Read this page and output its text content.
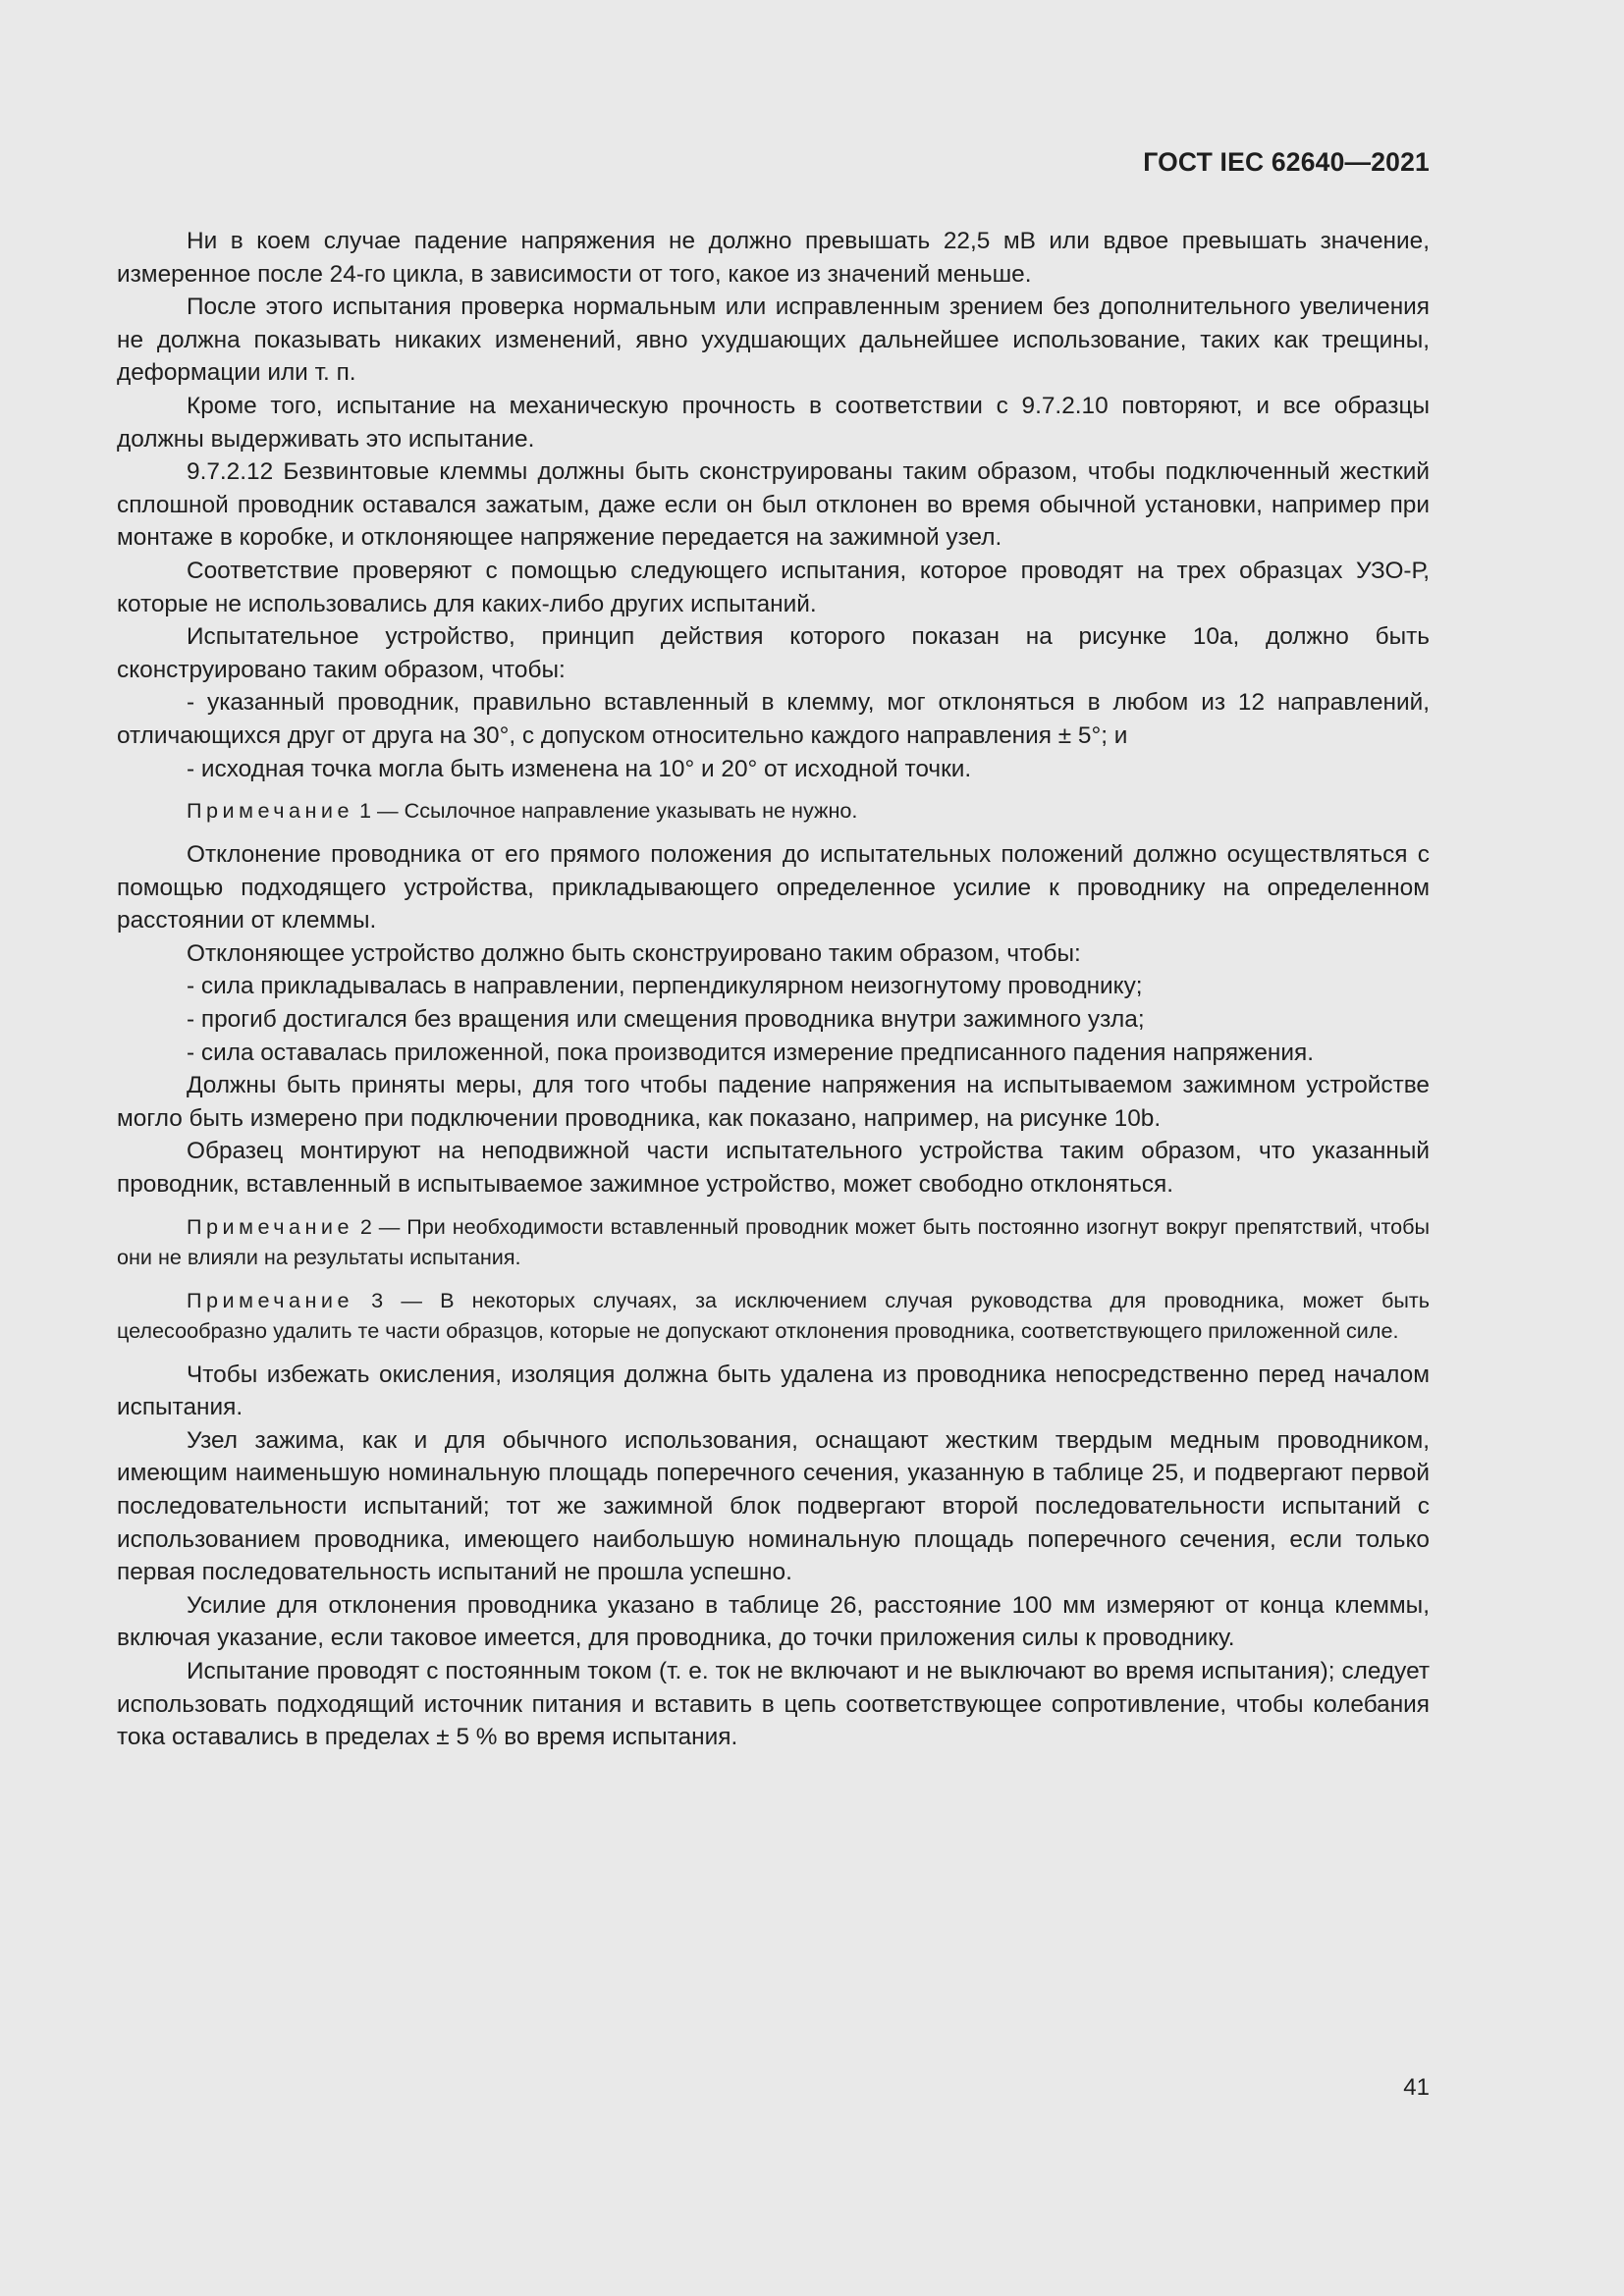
ГОСТ IEC 62640—2021

Ни в коем случае падение напряжения не должно превышать 22,5 мВ или вдвое превышать значение, измеренное после 24-го цикла, в зависимости от того, какое из значений меньше.

После этого испытания проверка нормальным или исправленным зрением без дополнительного увеличения не должна показывать никаких изменений, явно ухудшающих дальнейшее использование, таких как трещины, деформации или т. п.

Кроме того, испытание на механическую прочность в соответствии с 9.7.2.10 повторяют, и все образцы должны выдерживать это испытание.

9.7.2.12 Безвинтовые клеммы должны быть сконструированы таким образом, чтобы подключенный жесткий сплошной проводник оставался зажатым, даже если он был отклонен во время обычной установки, например при монтаже в коробке, и отклоняющее напряжение передается на зажимной узел.

Соответствие проверяют с помощью следующего испытания, которое проводят на трех образцах УЗО-Р, которые не использовались для каких-либо других испытаний.

Испытательное устройство, принцип действия которого показан на рисунке 10а, должно быть сконструировано таким образом, чтобы:

- указанный проводник, правильно вставленный в клемму, мог отклоняться в любом из 12 направлений, отличающихся друг от друга на 30°, с допуском относительно каждого направления ± 5°; и

- исходная точка могла быть изменена на 10° и 20° от исходной точки.

Примечание 1 — Ссылочное направление указывать не нужно.

Отклонение проводника от его прямого положения до испытательных положений должно осуществляться с помощью подходящего устройства, прикладывающего определенное усилие к проводнику на определенном расстоянии от клеммы.

Отклоняющее устройство должно быть сконструировано таким образом, чтобы:

- сила прикладывалась в направлении, перпендикулярном неизогнутому проводнику;

- прогиб достигался без вращения или смещения проводника внутри зажимного узла;

- сила оставалась приложенной, пока производится измерение предписанного падения напряжения.

Должны быть приняты меры, для того чтобы падение напряжения на испытываемом зажимном устройстве могло быть измерено при подключении проводника, как показано, например, на рисунке 10b.

Образец монтируют на неподвижной части испытательного устройства таким образом, что указанный проводник, вставленный в испытываемое зажимное устройство, может свободно отклоняться.

Примечание 2 — При необходимости вставленный проводник может быть постоянно изогнут вокруг препятствий, чтобы они не влияли на результаты испытания.

Примечание 3 — В некоторых случаях, за исключением случая руководства для проводника, может быть целесообразно удалить те части образцов, которые не допускают отклонения проводника, соответствующего приложенной силе.

Чтобы избежать окисления, изоляция должна быть удалена из проводника непосредственно перед началом испытания.

Узел зажима, как и для обычного использования, оснащают жестким твердым медным проводником, имеющим наименьшую номинальную площадь поперечного сечения, указанную в таблице 25, и подвергают первой последовательности испытаний; тот же зажимной блок подвергают второй последовательности испытаний с использованием проводника, имеющего наибольшую номинальную площадь поперечного сечения, если только первая последовательность испытаний не прошла успешно.

Усилие для отклонения проводника указано в таблице 26, расстояние 100 мм измеряют от конца клеммы, включая указание, если таковое имеется, для проводника, до точки приложения силы к проводнику.

Испытание проводят с постоянным током (т. е. ток не включают и не выключают во время испытания); следует использовать подходящий источник питания и вставить в цепь соответствующее сопротивление, чтобы колебания тока оставались в пределах ± 5 % во время испытания.

41
